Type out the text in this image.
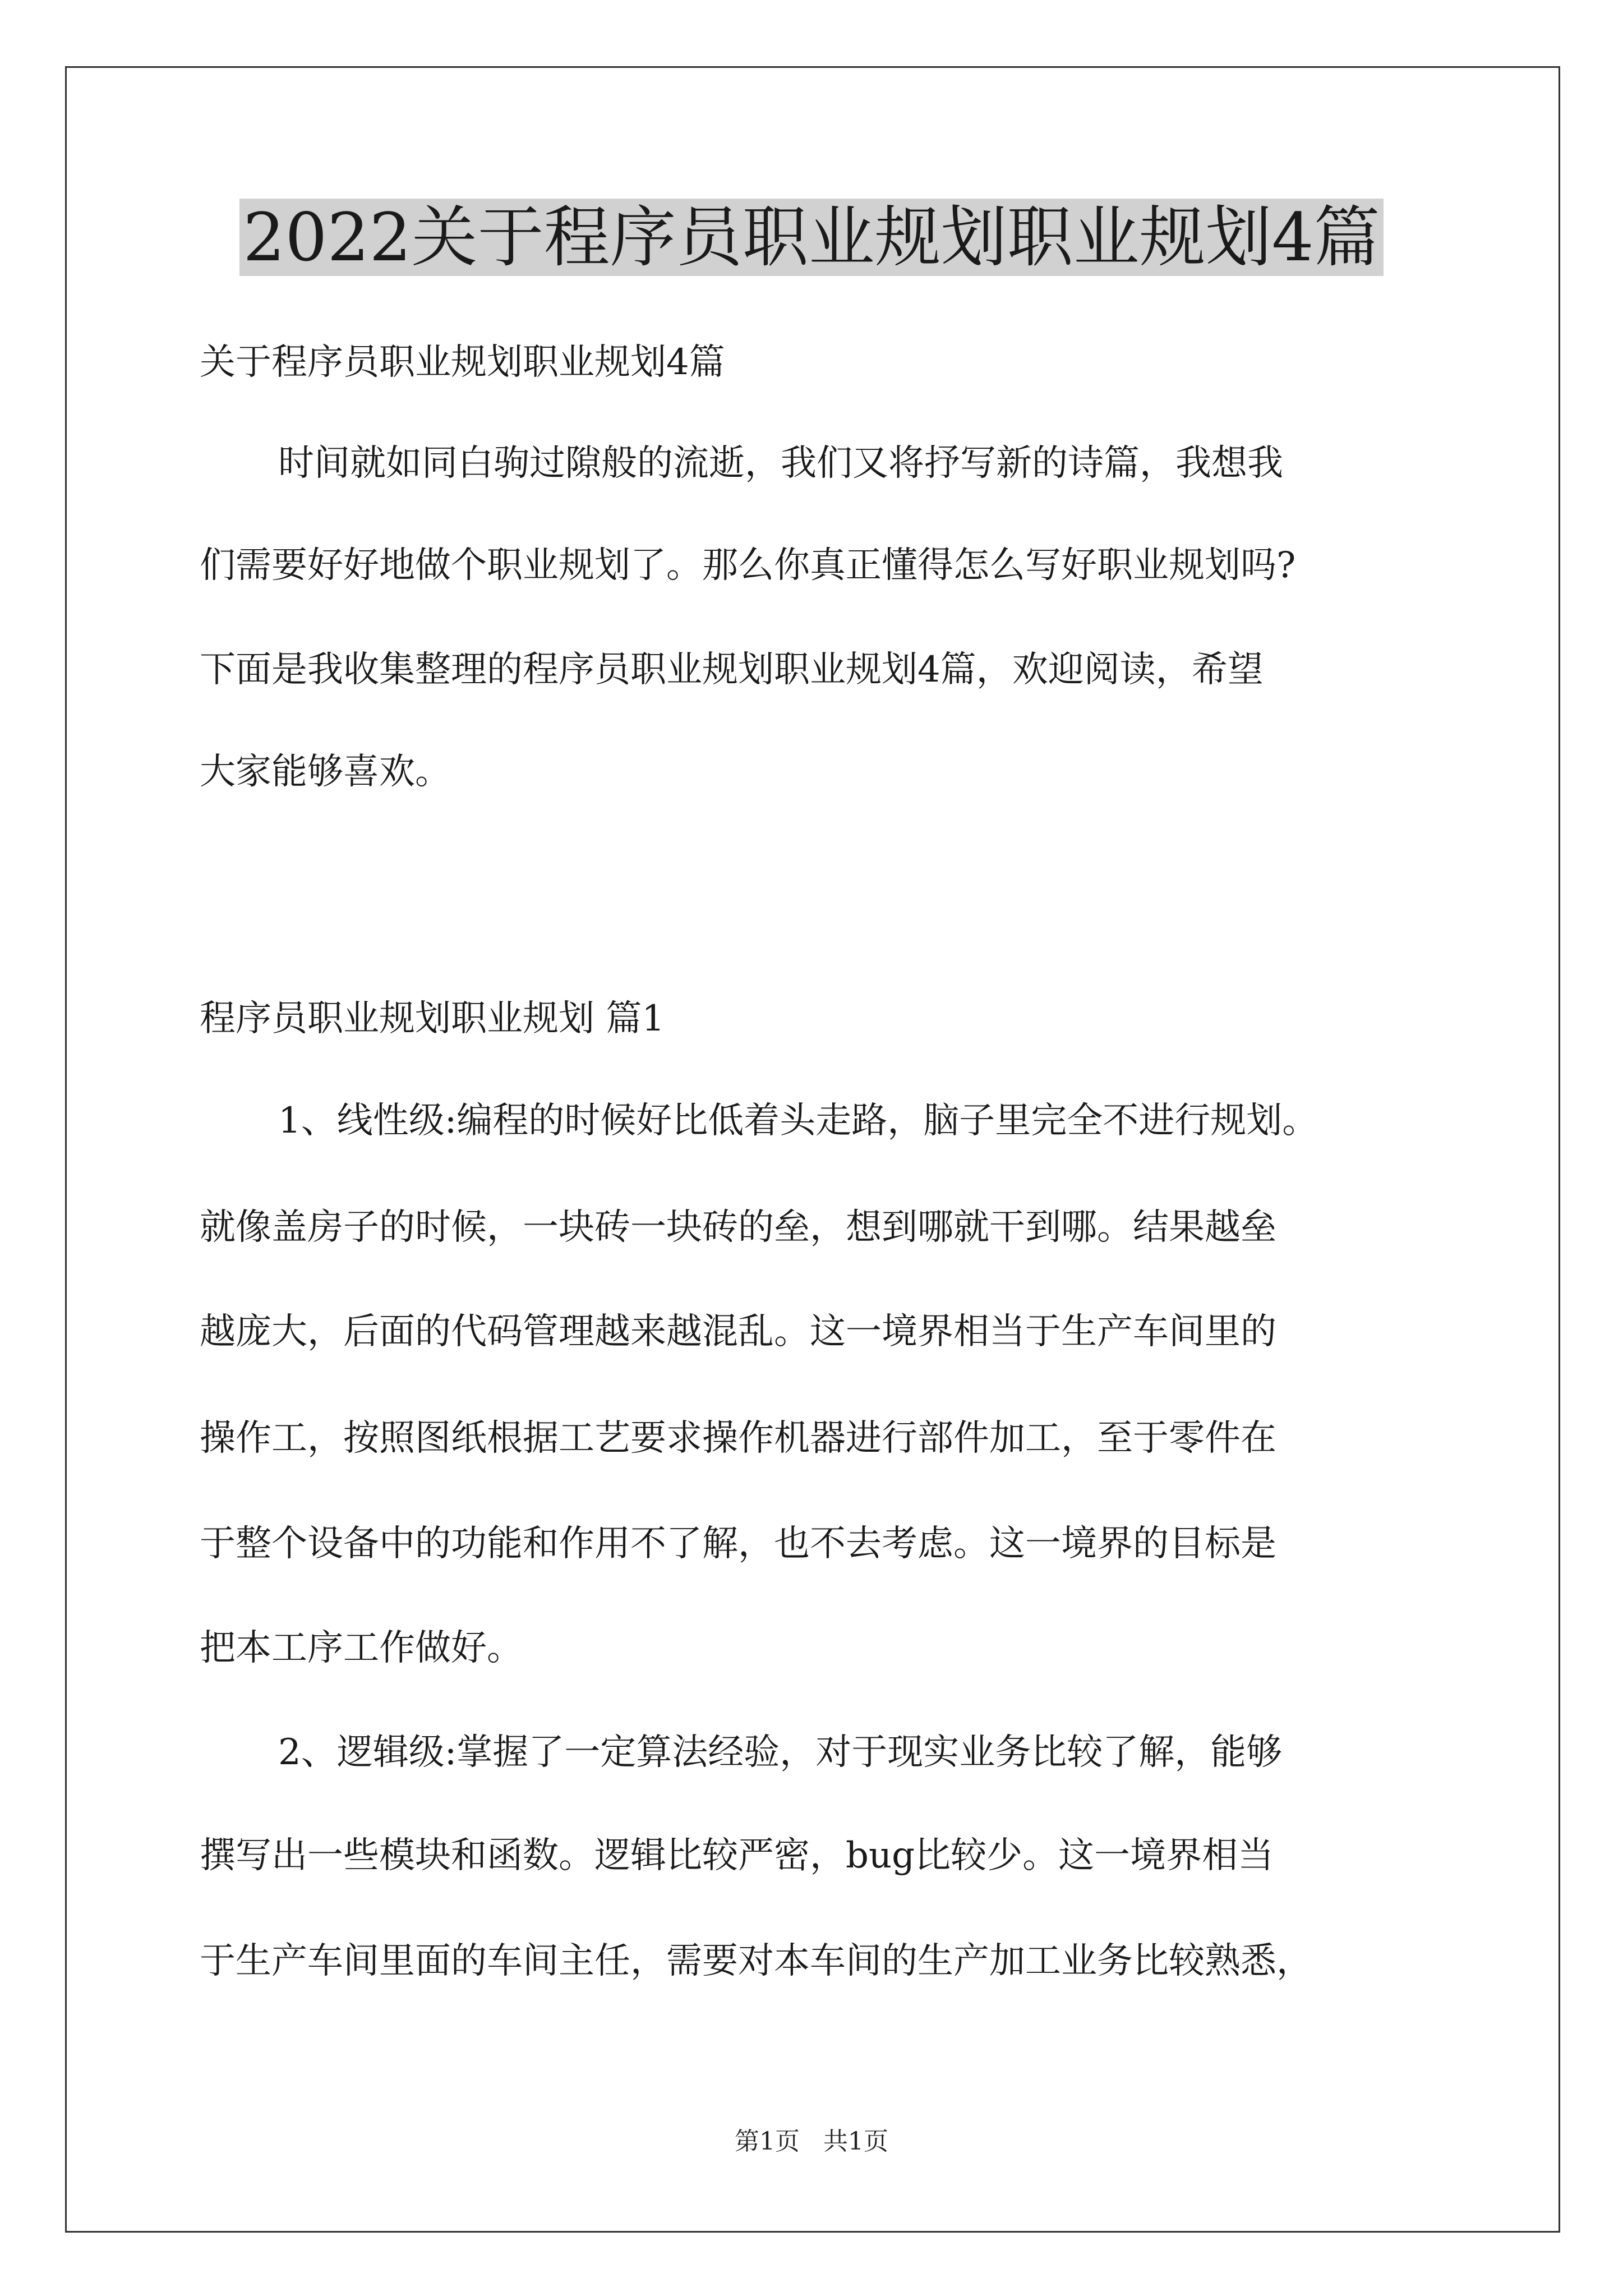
2022关于程序员职业规划职业规划4篇

关于程序员职业规划职业规划4篇

时间就如同白驹过隙般的流逝，我们又将抒写新的诗篇，我想我

们需要好好地做个职业规划了。那么你真正懂得怎么写好职业规划吗?

下面是我收集整理的程序员职业规划职业规划4篇，欢迎阅读，希望

大家能够喜欢。

程序员职业规划职业规划 篇1

1、线性级:编程的时候好比低着头走路，脑子里完全不进行规划。

就像盖房子的时候，一块砖一块砖的垒，想到哪就干到哪。结果越垒

越庞大，后面的代码管理越来越混乱。这一境界相当于生产车间里的

操作工，按照图纸根据工艺要求操作机器进行部件加工，至于零件在

于整个设备中的功能和作用不了解，也不去考虑。这一境界的目标是

把本工序工作做好。

2、逻辑级:掌握了一定算法经验，对于现实业务比较了解，能够

撰写出一些模块和函数。逻辑比较严密，bug比较少。这一境界相当

于生产车间里面的车间主任，需要对本车间的生产加工业务比较熟悉，

第1页   共1页
